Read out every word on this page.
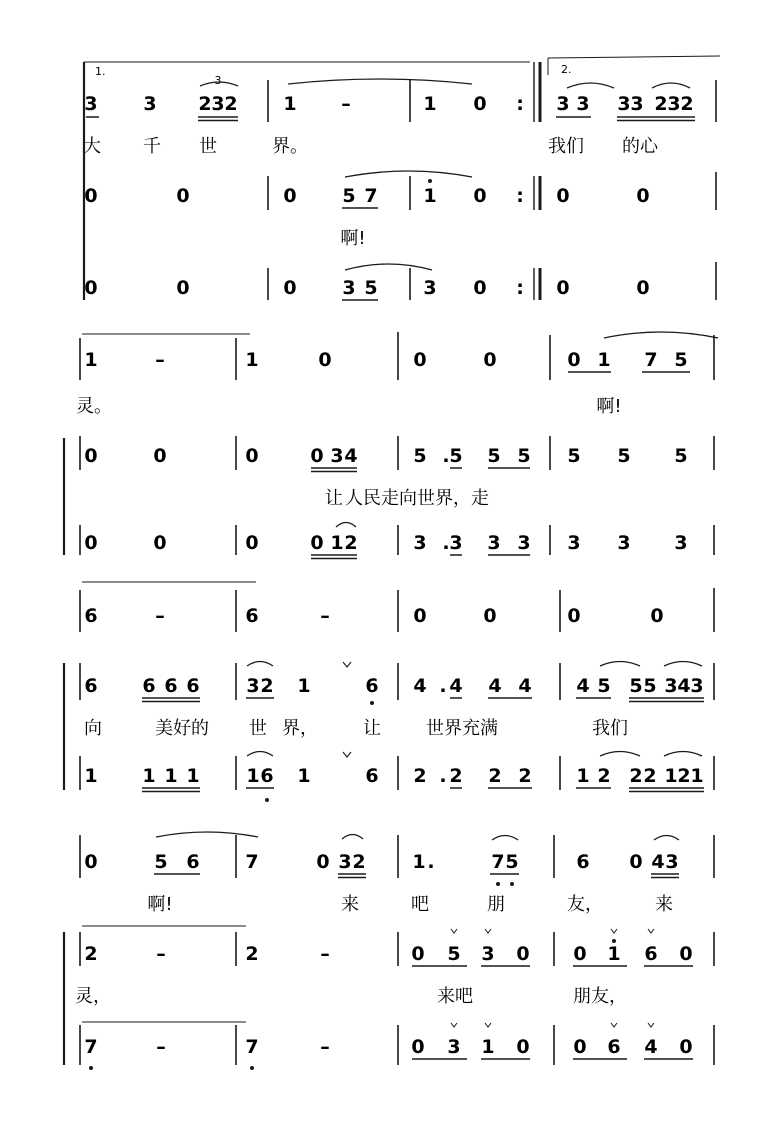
3 3 2 3 2 1 –	1 0	3 3 3 3 2 3 2
:
3
0	0	0 5 7 1 0	0	0
:
0	0	0 3 5 3 0	0	0
:
1	–	1	0	0	0	0 1 7 5
0	0	0	0 3 4	5 . 5 5 5 5 5 5
0	0	0	0 1 2	3 . 3 3 3 3 3 3
6	–	6	–	0	0	0	0
6 6 6 6 3 2 1	6 4 . 4 4 4 4 5 5 5 3 4 3
1 1 1 1 1 6 1	6 2 . 2 2 2 1 2 2 2 1 2 1
0	5 6 7	0 3 2 1 .	7 5	6 0 4 3
2	–	2	–	0 5 3 0 0 1 6 0
7	–	7	–	0 3 1 0 0 6 4 0
大 千 世	界。	我们 的心
啊!
灵。	啊!
让 人民走向世界，走
向	美好的 世 界，	让	世界充满	我们
啊!	来	吧	朋	友，	来
灵，	来吧	朋友，
1.	2.
